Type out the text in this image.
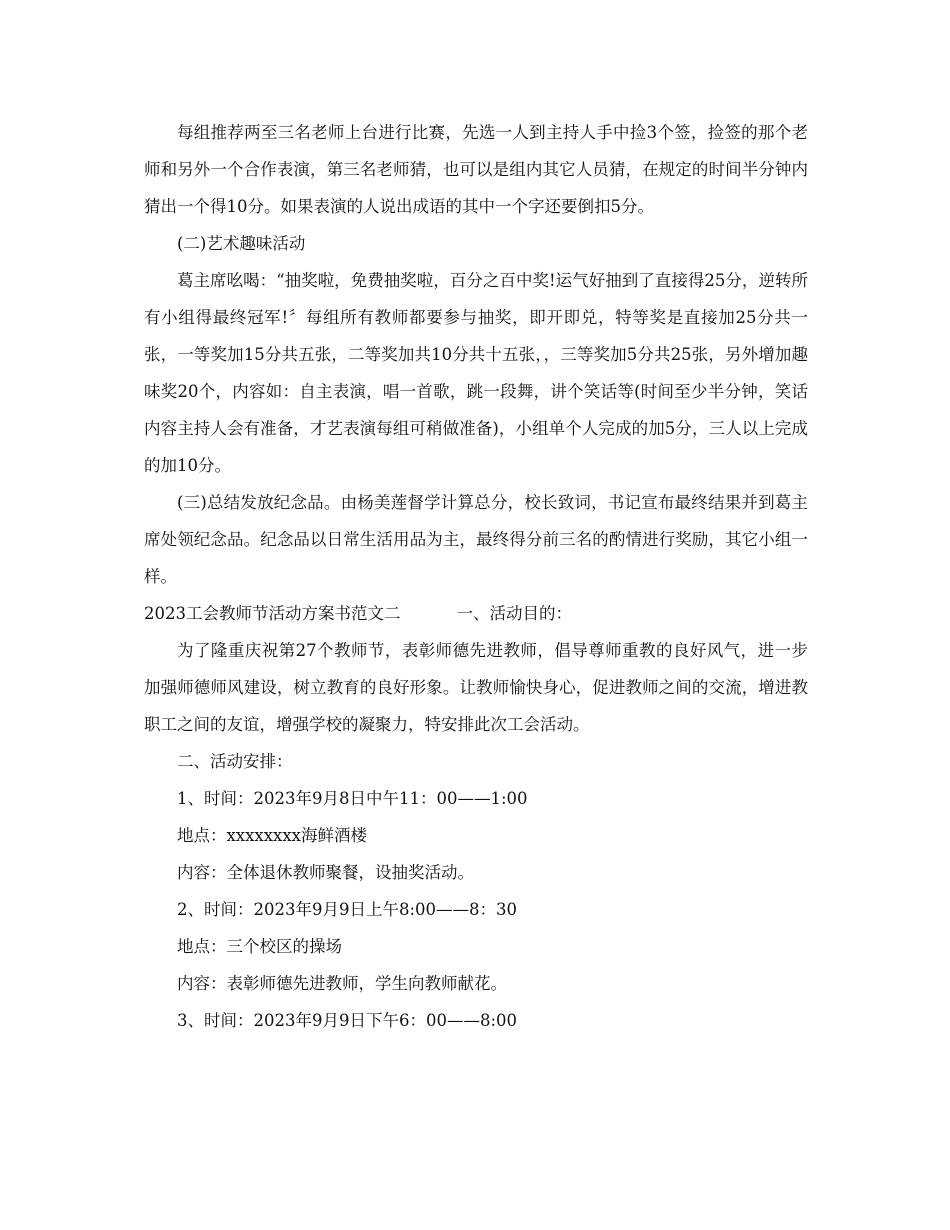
每组推荐两至三名老师上台进行比赛，先选一人到主持人手中捡3个签，捡签的那个老师和另外一个合作表演，第三名老师猜，也可以是组内其它人员猜，在规定的时间半分钟内猜出一个得10分。如果表演的人说出成语的其中一个字还要倒扣5分。

(二)艺术趣味活动

葛主席吆喝：“抽奖啦，免费抽奖啦，百分之百中奖!运气好抽到了直接得25分，逆转所有小组得最终冠军!〞每组所有教师都要参与抽奖，即开即兑，特等奖是直接加25分共一张，一等奖加15分共五张，二等奖加共10分共十五张，，三等奖加5分共25张，另外增加趣味奖20个，内容如：自主表演，唱一首歌，跳一段舞，讲个笑话等(时间至少半分钟，笑话内容主持人会有准备，才艺表演每组可稍做准备)，小组单个人完成的加5分，三人以上完成的加10分。

(三)总结发放纪念品。由杨美莲督学计算总分，校长致词，书记宣布最终结果并到葛主席处领纪念品。纪念品以日常生活用品为主，最终得分前三名的酌情进行奖励，其它小组一样。

2023工会教师节活动方案书范文二	一、活动目的：

为了隆重庆祝第27个教师节，表彰师德先进教师，倡导尊师重教的良好风气，进一步加强师德师风建设，树立教育的良好形象。让教师愉快身心，促进教师之间的交流，增进教职工之间的友谊，增强学校的凝聚力，特安排此次工会活动。

二、活动安排：

1、时间：2023年9月8日中午11：00——1:00

地点：xxxxxxxx海鲜酒楼

内容：全体退休教师聚餐，设抽奖活动。

2、时间：2023年9月9日上午8:00——8：30

地点：三个校区的操场

内容：表彰师德先进教师，学生向教师献花。

3、时间：2023年9月9日下午6：00——8:00
